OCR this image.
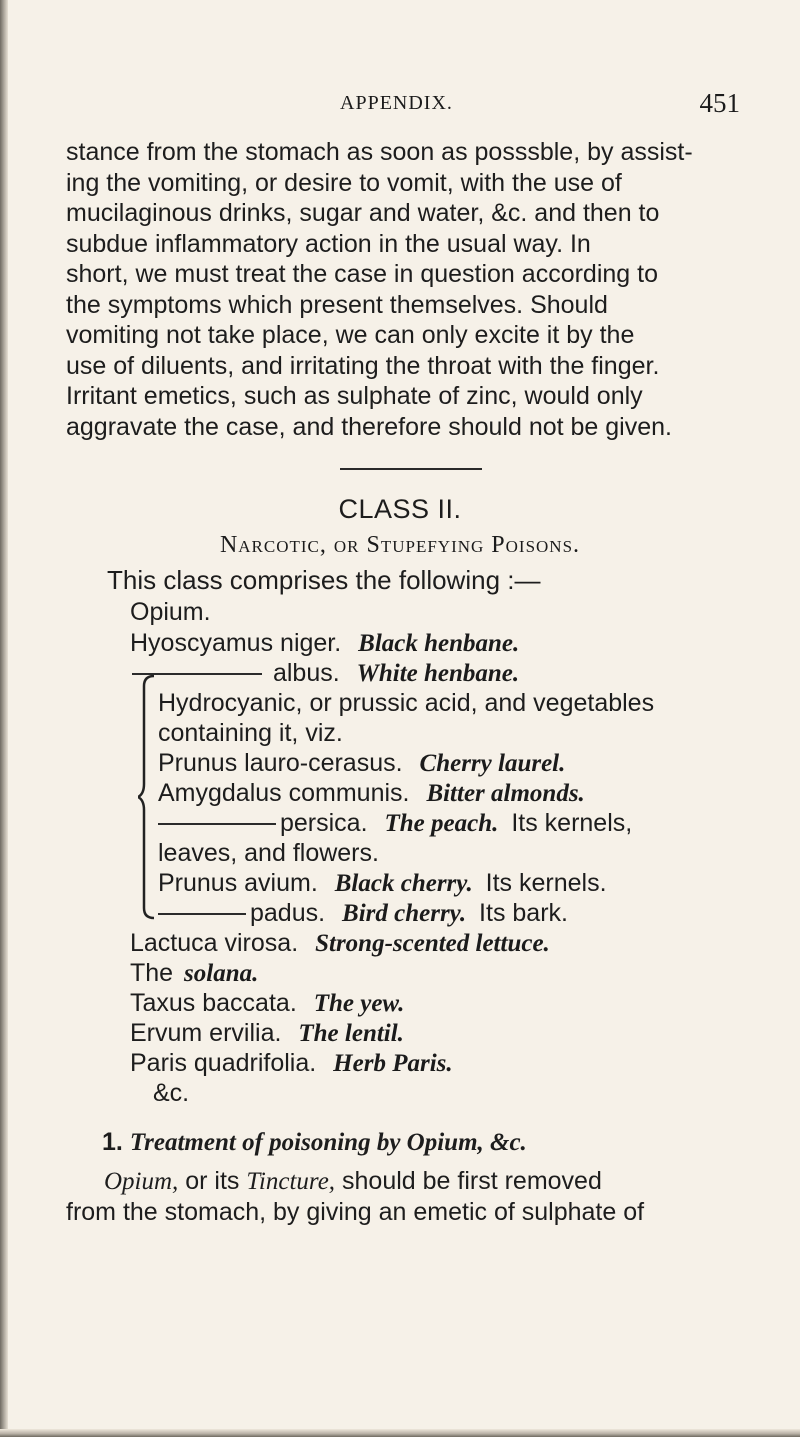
APPENDIX.	451
stance from the stomach as soon as posssble, by assist-
ing the vomiting, or desire to vomit, with the use of
mucilaginous drinks, sugar and water, &c. and then to
subdue inflammatory action in the usual way. In
short, we must treat the case in question according to
the symptoms which present themselves. Should
vomiting not take place, we can only excite it by the
use of diluents, and irritating the throat with the finger.
Irritant emetics, such as sulphate of zinc, would only
aggravate the case, and therefore should not be given.
CLASS II.
Narcotic, or Stupefying Poisons.
This class comprises the following :—
Opium.
Hyoscyamus niger. Black henbane.
albus. White henbane.
Hydrocyanic, or prussic acid, and vegetables
containing it, viz.
Prunus lauro-cerasus. Cherry laurel.
Amygdalus communis. Bitter almonds.
persica. The peach. Its kernels,
leaves, and flowers.
Prunus avium. Black cherry. Its kernels.
padus. Bird cherry. Its bark.
Lactuca virosa. Strong-scented lettuce.
The solana.
Taxus baccata. The yew.
Ervum ervilia. The lentil.
Paris quadrifolia. Herb Paris.
&c.
1. Treatment of poisoning by Opium, &c.
Opium, or its Tincture, should be first removed
from the stomach, by giving an emetic of sulphate of
